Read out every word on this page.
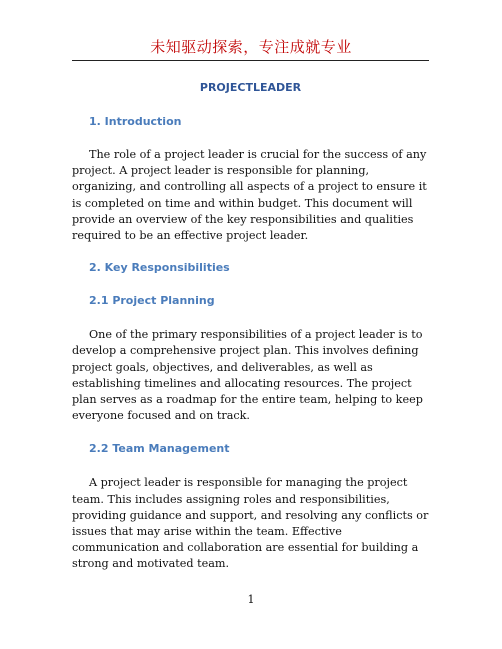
未知驱动探索，专注成就专业
PROJECTLEADER
1. Introduction

The role of a project leader is crucial for the success of any project. A project leader is responsible for planning, organizing, and controlling all aspects of a project to ensure it is completed on time and within budget. This document will provide an overview of the key responsibilities and qualities required to be an effective project leader.

2. Key Responsibilities
2.1 Project Planning

One of the primary responsibilities of a project leader is to develop a comprehensive project plan. This involves defining project goals, objectives, and deliverables, as well as establishing timelines and allocating resources. The project plan serves as a roadmap for the entire team, helping to keep everyone focused and on track.

2.2 Team Management

A project leader is responsible for managing the project team. This includes assigning roles and responsibilities, providing guidance and support, and resolving any conflicts or issues that may arise within the team. Effective communication and collaboration are essential for building a strong and motivated team.

1
